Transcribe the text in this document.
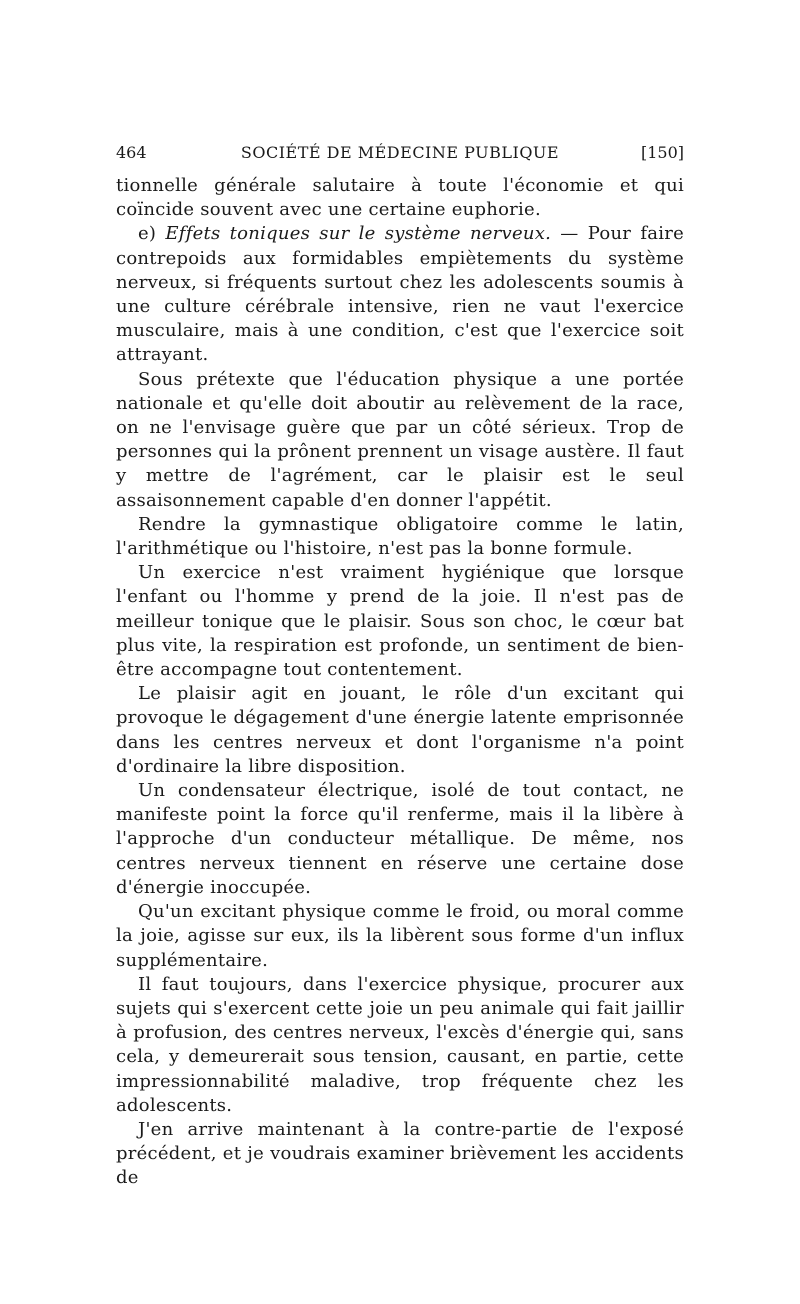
464	SOCIÉTÉ DE MÉDECINE PUBLIQUE	[150]

tionnelle générale salutaire à toute l'économie et qui coïncide souvent avec une certaine euphorie.

e) Effets toniques sur le système nerveux. — Pour faire contrepoids aux formidables empiètements du système nerveux, si fréquents surtout chez les adolescents soumis à une culture cérébrale intensive, rien ne vaut l'exercice musculaire, mais à une condition, c'est que l'exercice soit attrayant.

Sous prétexte que l'éducation physique a une portée nationale et qu'elle doit aboutir au relèvement de la race, on ne l'envisage guère que par un côté sérieux. Trop de personnes qui la prônent prennent un visage austère. Il faut y mettre de l'agrément, car le plaisir est le seul assaisonnement capable d'en donner l'appétit.

Rendre la gymnastique obligatoire comme le latin, l'arithmétique ou l'histoire, n'est pas la bonne formule.

Un exercice n'est vraiment hygiénique que lorsque l'enfant ou l'homme y prend de la joie. Il n'est pas de meilleur tonique que le plaisir. Sous son choc, le cœur bat plus vite, la respiration est profonde, un sentiment de bien-être accompagne tout contentement.

Le plaisir agit en jouant, le rôle d'un excitant qui provoque le dégagement d'une énergie latente emprisonnée dans les centres nerveux et dont l'organisme n'a point d'ordinaire la libre disposition.

Un condensateur électrique, isolé de tout contact, ne manifeste point la force qu'il renferme, mais il la libère à l'approche d'un conducteur métallique. De même, nos centres nerveux tiennent en réserve une certaine dose d'énergie inoccupée.

Qu'un excitant physique comme le froid, ou moral comme la joie, agisse sur eux, ils la libèrent sous forme d'un influx supplémentaire.

Il faut toujours, dans l'exercice physique, procurer aux sujets qui s'exercent cette joie un peu animale qui fait jaillir à profusion, des centres nerveux, l'excès d'énergie qui, sans cela, y demeurerait sous tension, causant, en partie, cette impressionnabilité maladive, trop fréquente chez les adolescents.

J'en arrive maintenant à la contre-partie de l'exposé précédent, et je voudrais examiner brièvement les accidents de
